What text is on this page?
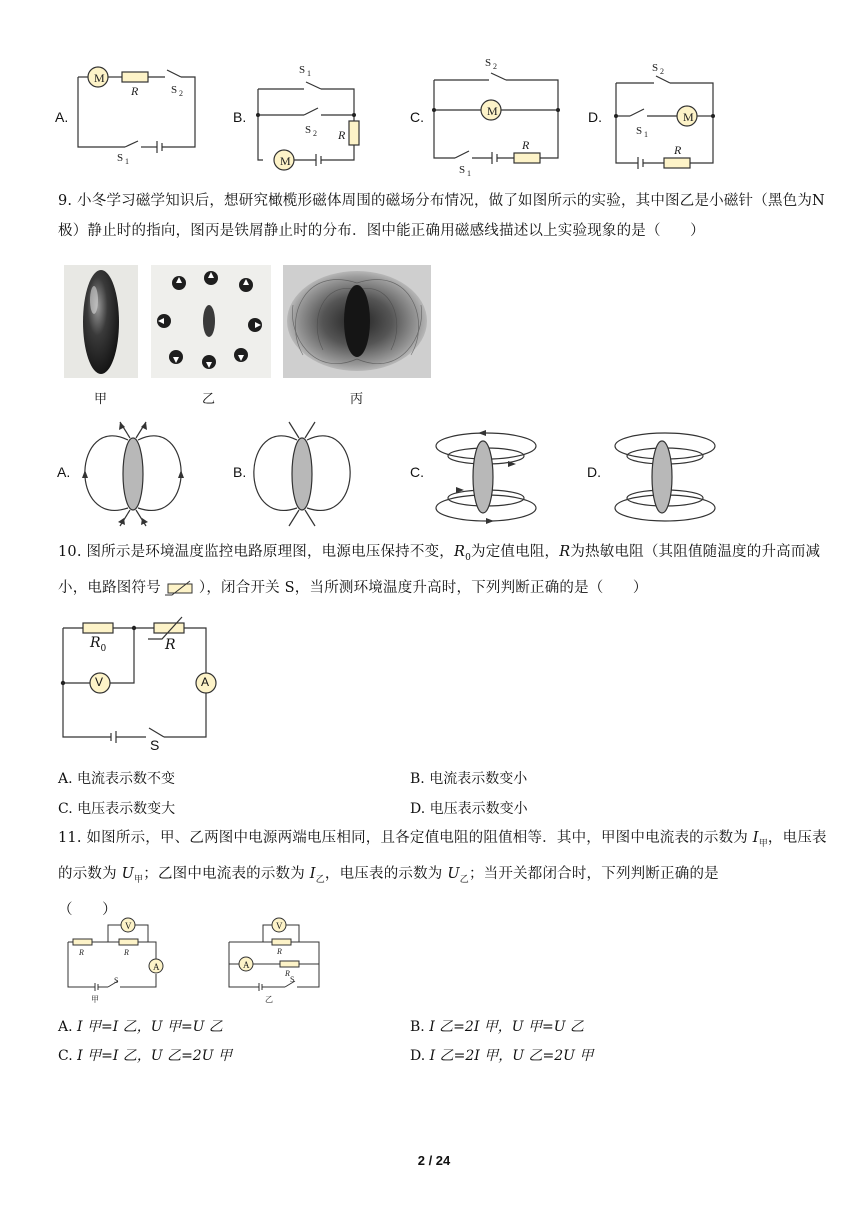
A.
M
R	S 2
S 1
B.
M
S 1
S 2 R
C.	M
S 2
S 1
R
D.	M
S 2
S 1
R
9. 小冬学习磁学知识后，想研究橄榄形磁体周围的磁场分布情况，做了如图所示的实验，其中图乙是小磁针（黑色为N极）静止时的指向，图丙是铁屑静止时的分布．图中能正确用磁感线描述以上实验现象的是（　　）
甲	乙	丙
A.	B.	C.	D.
10. 图所示是环境温度监控电路原理图，电源电压保持不变，$R_0$为定值电阻，R为热敏电阻（其阻值随温度的升高而减小，电路图符号	），闭合开关 S，当所测环境温度升高时，下列判断正确的是（　　）
$R_0$	R
V	A
S
A. 电流表示数不变	B. 电流表示数变小
C. 电压表示数变大	D. 电压表示数变小
11. 如图所示，甲、乙两图中电源两端电压相同，且各定值电阻的阻值相等．其中，甲图中电流表的示数为 $I_甲$，电压表的示数为 $U_甲$；乙图中电流表的示数为 $I_乙$，电压表的示数为 $U_乙$；当开关都闭合时，下列判断正确的是
（　　）
V
A
R	R
S
甲
V
A
R
R
S
乙
A. I 甲=I 乙，U 甲=U 乙	B. I 乙=2I 甲，U 甲=U 乙
C. I 甲=I 乙，U 乙=2U 甲	D. I 乙=2I 甲，U 乙=2U 甲
2 / 24
